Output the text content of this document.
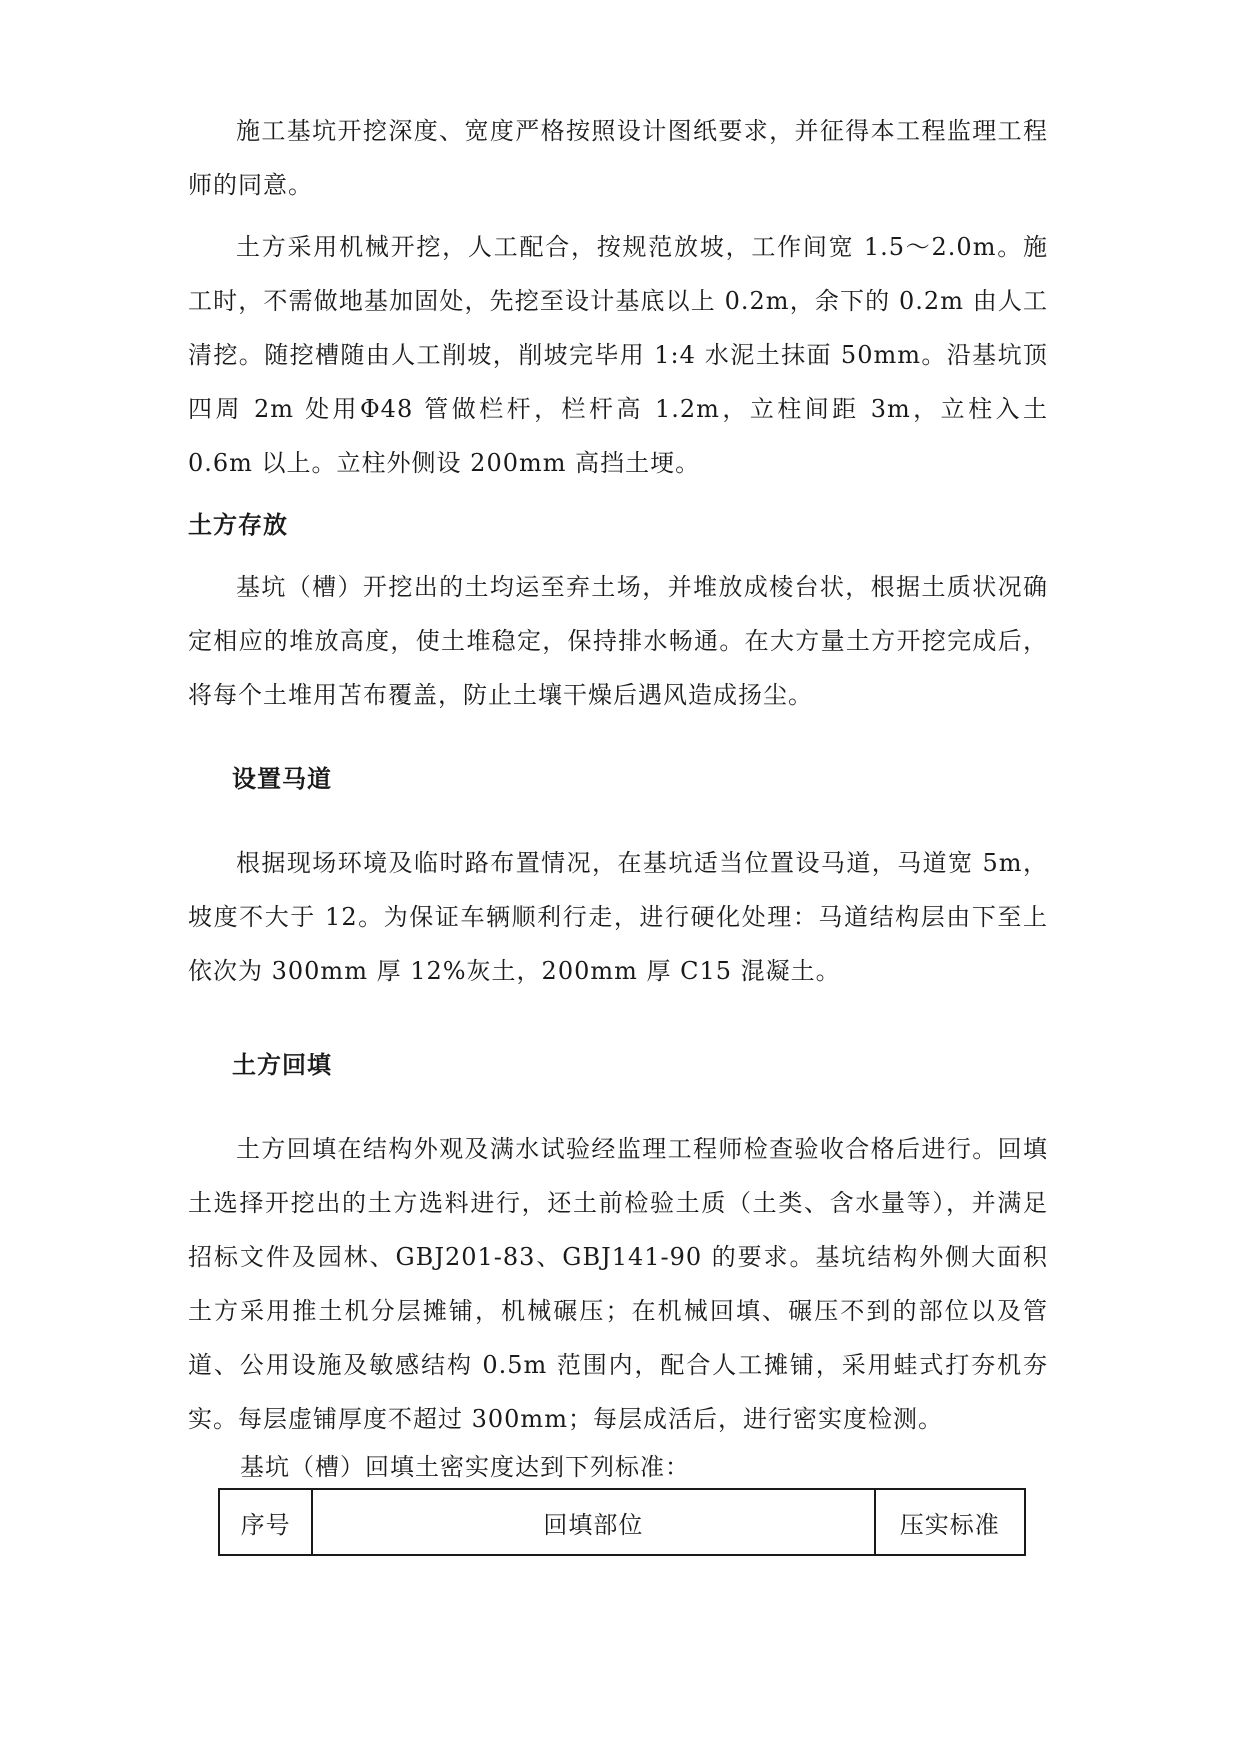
施工基坑开挖深度、宽度严格按照设计图纸要求，并征得本工程监理工程师的同意。

土方采用机械开挖，人工配合，按规范放坡，工作间宽 1.5～2.0m。施工时，不需做地基加固处，先挖至设计基底以上 0.2m，余下的 0.2m 由人工清挖。随挖槽随由人工削坡，削坡完毕用 1:4 水泥土抹面 50mm。沿基坑顶四周 2m 处用Φ48 管做栏杆，栏杆高 1.2m，立柱间距 3m，立柱入土 0.6m 以上。立柱外侧设 200mm 高挡土埂。

土方存放

基坑（槽）开挖出的土均运至弃土场，并堆放成棱台状，根据土质状况确定相应的堆放高度，使土堆稳定，保持排水畅通。在大方量土方开挖完成后，将每个土堆用苫布覆盖，防止土壤干燥后遇风造成扬尘。

设置马道

根据现场环境及临时路布置情况，在基坑适当位置设马道，马道宽 5m，坡度不大于 12。为保证车辆顺利行走，进行硬化处理：马道结构层由下至上依次为 300mm 厚 12%灰土，200mm 厚 C15 混凝土。

土方回填

土方回填在结构外观及满水试验经监理工程师检查验收合格后进行。回填土选择开挖出的土方选料进行，还土前检验土质（土类、含水量等），并满足招标文件及园林、GBJ201-83、GBJ141-90 的要求。基坑结构外侧大面积土方采用推土机分层摊铺，机械碾压；在机械回填、碾压不到的部位以及管道、公用设施及敏感结构 0.5m 范围内，配合人工摊铺，采用蛙式打夯机夯实。每层虚铺厚度不超过 300mm；每层成活后，进行密实度检测。

基坑（槽）回填土密实度达到下列标准：

序号	回填部位	压实标准
